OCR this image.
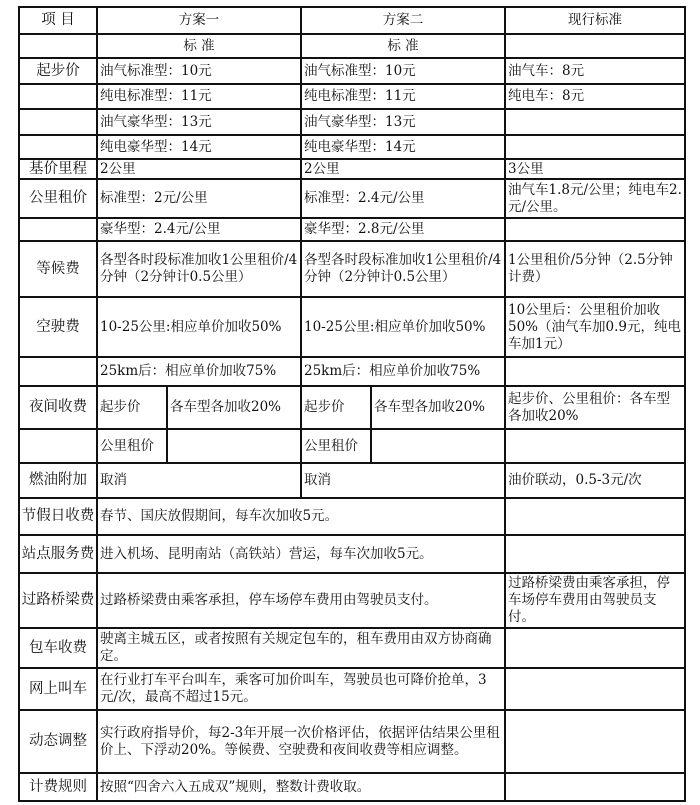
项 目	方案一		方案二		现行标准
	标 准		标 准		
起步价	油气标准型：10元		油气标准型：10元		油气车：8元
	纯电标准型：11元		纯电标准型：11元		纯电车：8元
	油气豪华型：13元		油气豪华型：13元		
	纯电豪华型：14元		纯电豪华型：14元		
基价里程	2公里		2公里		3公里
公里租价	标准型：2元/公里		标准型：2.4元/公里		油气车1.8元/公里；纯电车2.元/公里。
	豪华型：2.4元/公里		豪华型：2.8元/公里		
等候费	各型各时段标准加收1公里租价/4分钟（2分钟计0.5公里）		各型各时段标准加收1公里租价/4分钟（2分钟计0.5公里）		1公里租价/5分钟（2.5分钟计费）
空驶费	10-25公里:相应单价加收50%		10-25公里:相应单价加收50%		10公里后：公里租价加收50%（油气车加0.9元，纯电车加1元）
	25km后：相应单价加收75%		25km后：相应单价加收75%		
夜间收费	起步价	各车型各加收20%	起步价	各车型各加收20%	起步价、公里租价：各车型各加收20%
	公里租价		公里租价		
燃油附加	取消		取消		油价联动，0.5-3元/次
节假日收费	春节、国庆放假期间，每车次加收5元。				
站点服务费	进入机场、昆明南站（高铁站）营运，每车次加收5元。				
过路桥梁费	过路桥梁费由乘客承担，停车场停车费用由驾驶员支付。				过路桥梁费由乘客承担，停车场停车费用由驾驶员支付。
包车收费	驶离主城五区，或者按照有关规定包车的，租车费用由双方协商确定。				
网上叫车	在行业打车平台叫车，乘客可加价叫车，驾驶员也可降价抢单，3元/次，最高不超过15元。				
动态调整	实行政府指导价，每2-3年开展一次价格评估，依据评估结果公里租价上、下浮动20%。等候费、空驶费和夜间收费等相应调整。				
计费规则	按照“四舍六入五成双”规则，整数计费收取。				
